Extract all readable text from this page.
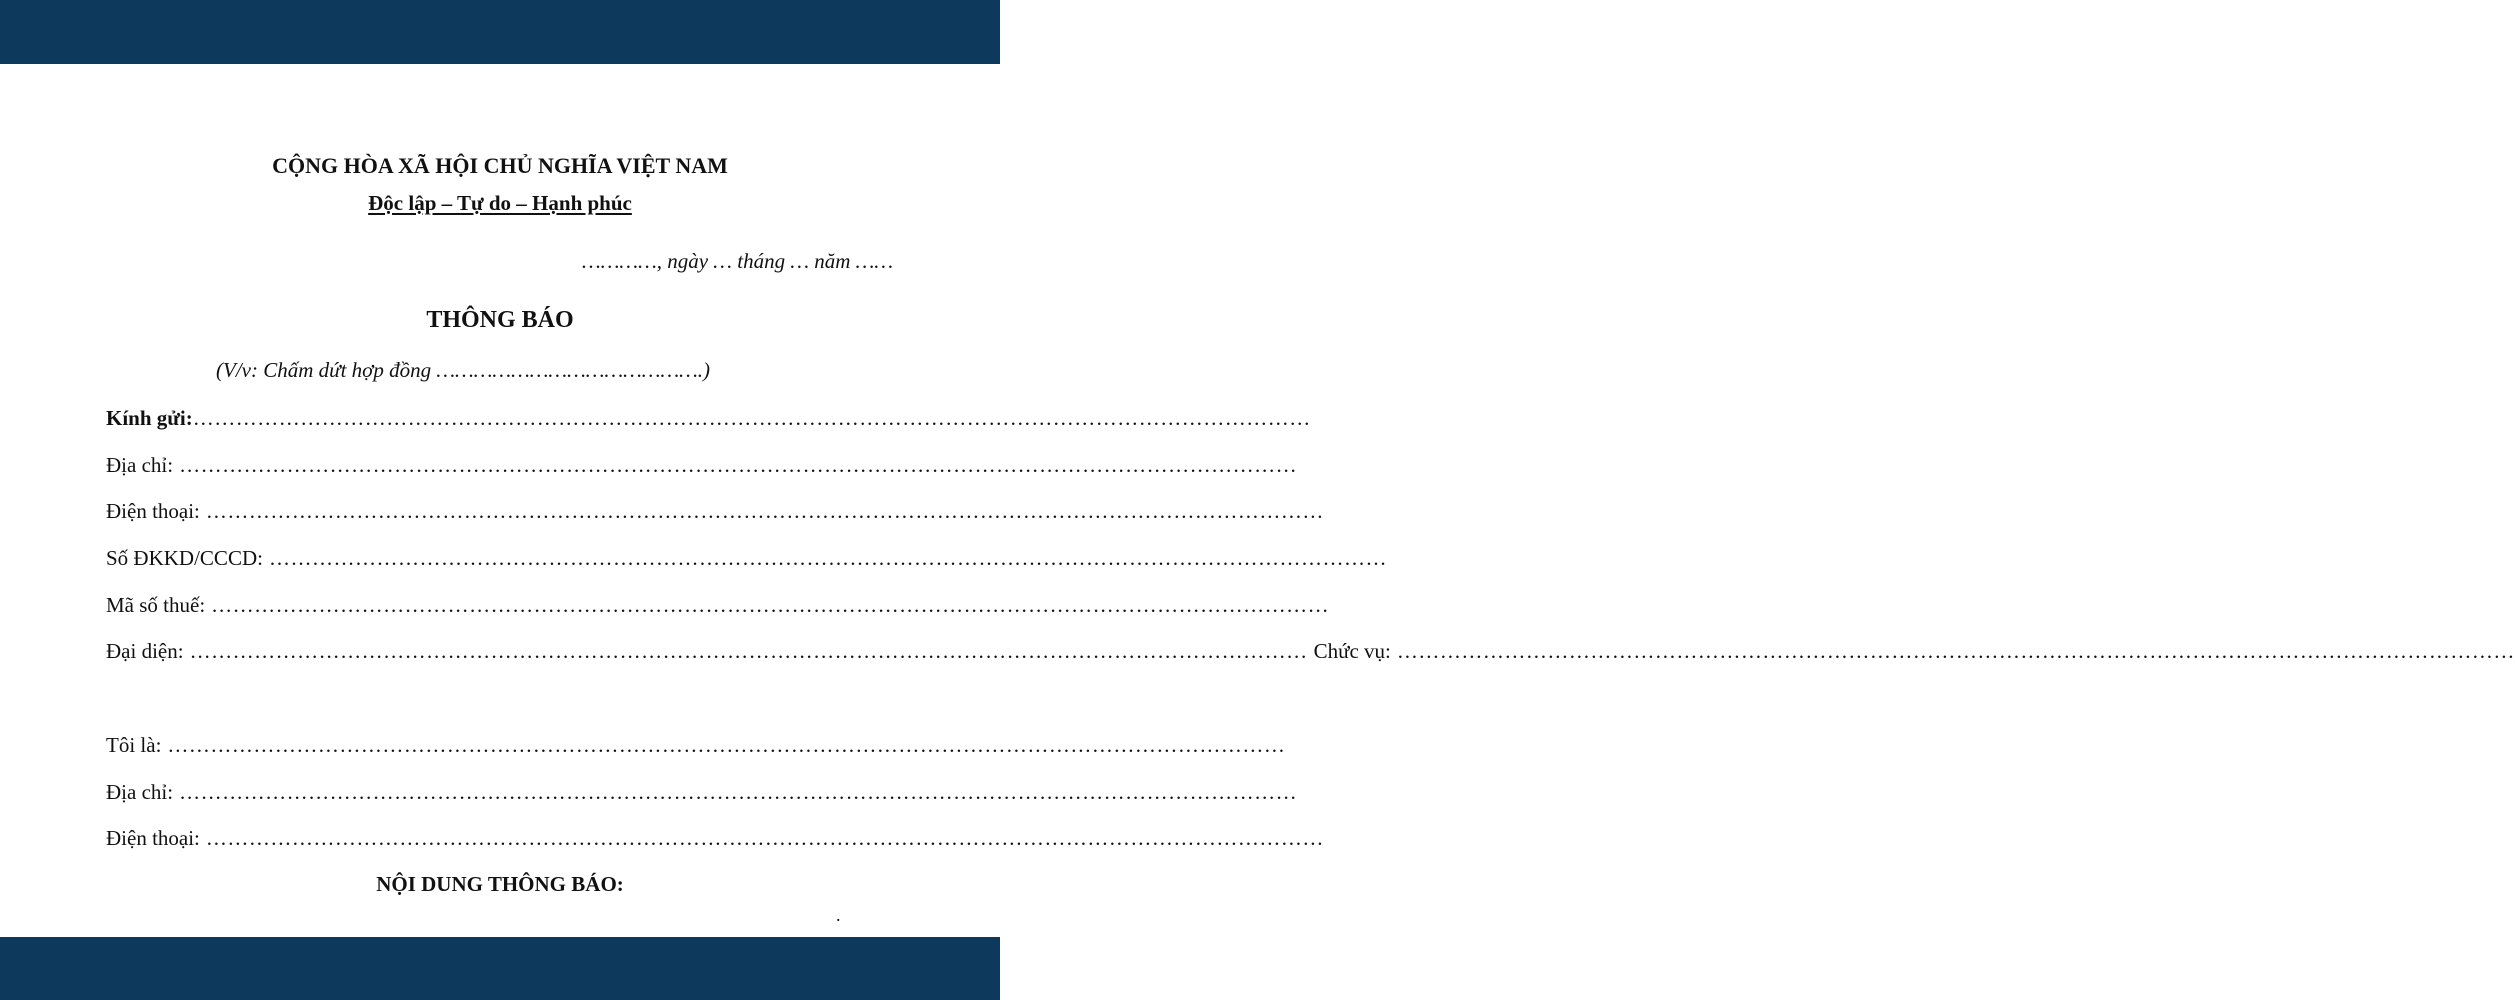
CỘNG HÒA XÃ HỘI CHỦ NGHĨA VIỆT NAM
Độc lập – Tự do – Hạnh phúc
…………, ngày … tháng … năm ……
THÔNG BÁO
(V/v: Chấm dứt hợp đồng …………………………………….)
Kính gửi: …………………………………………………………………………………………………………………………………………
Địa chỉ: …………………………………………………………………………………………………………………………………………
Điện thoại: …………………………………………………………………………………………………………………………………………
Số ĐKKD/CCCD: …………………………………………………………………………………………………………………………………………
Mã số thuế: …………………………………………………………………………………………………………………………………………
Đại diện: ………………………………………………………………………………………………………………………………………… Chức vụ: …………………………………………………………………………………………………………………………………………
Tôi là: …………………………………………………………………………………………………………………………………………
Địa chỉ: …………………………………………………………………………………………………………………………………………
Điện thoại: …………………………………………………………………………………………………………………………………………
NỘI DUNG THÔNG BÁO:
.
